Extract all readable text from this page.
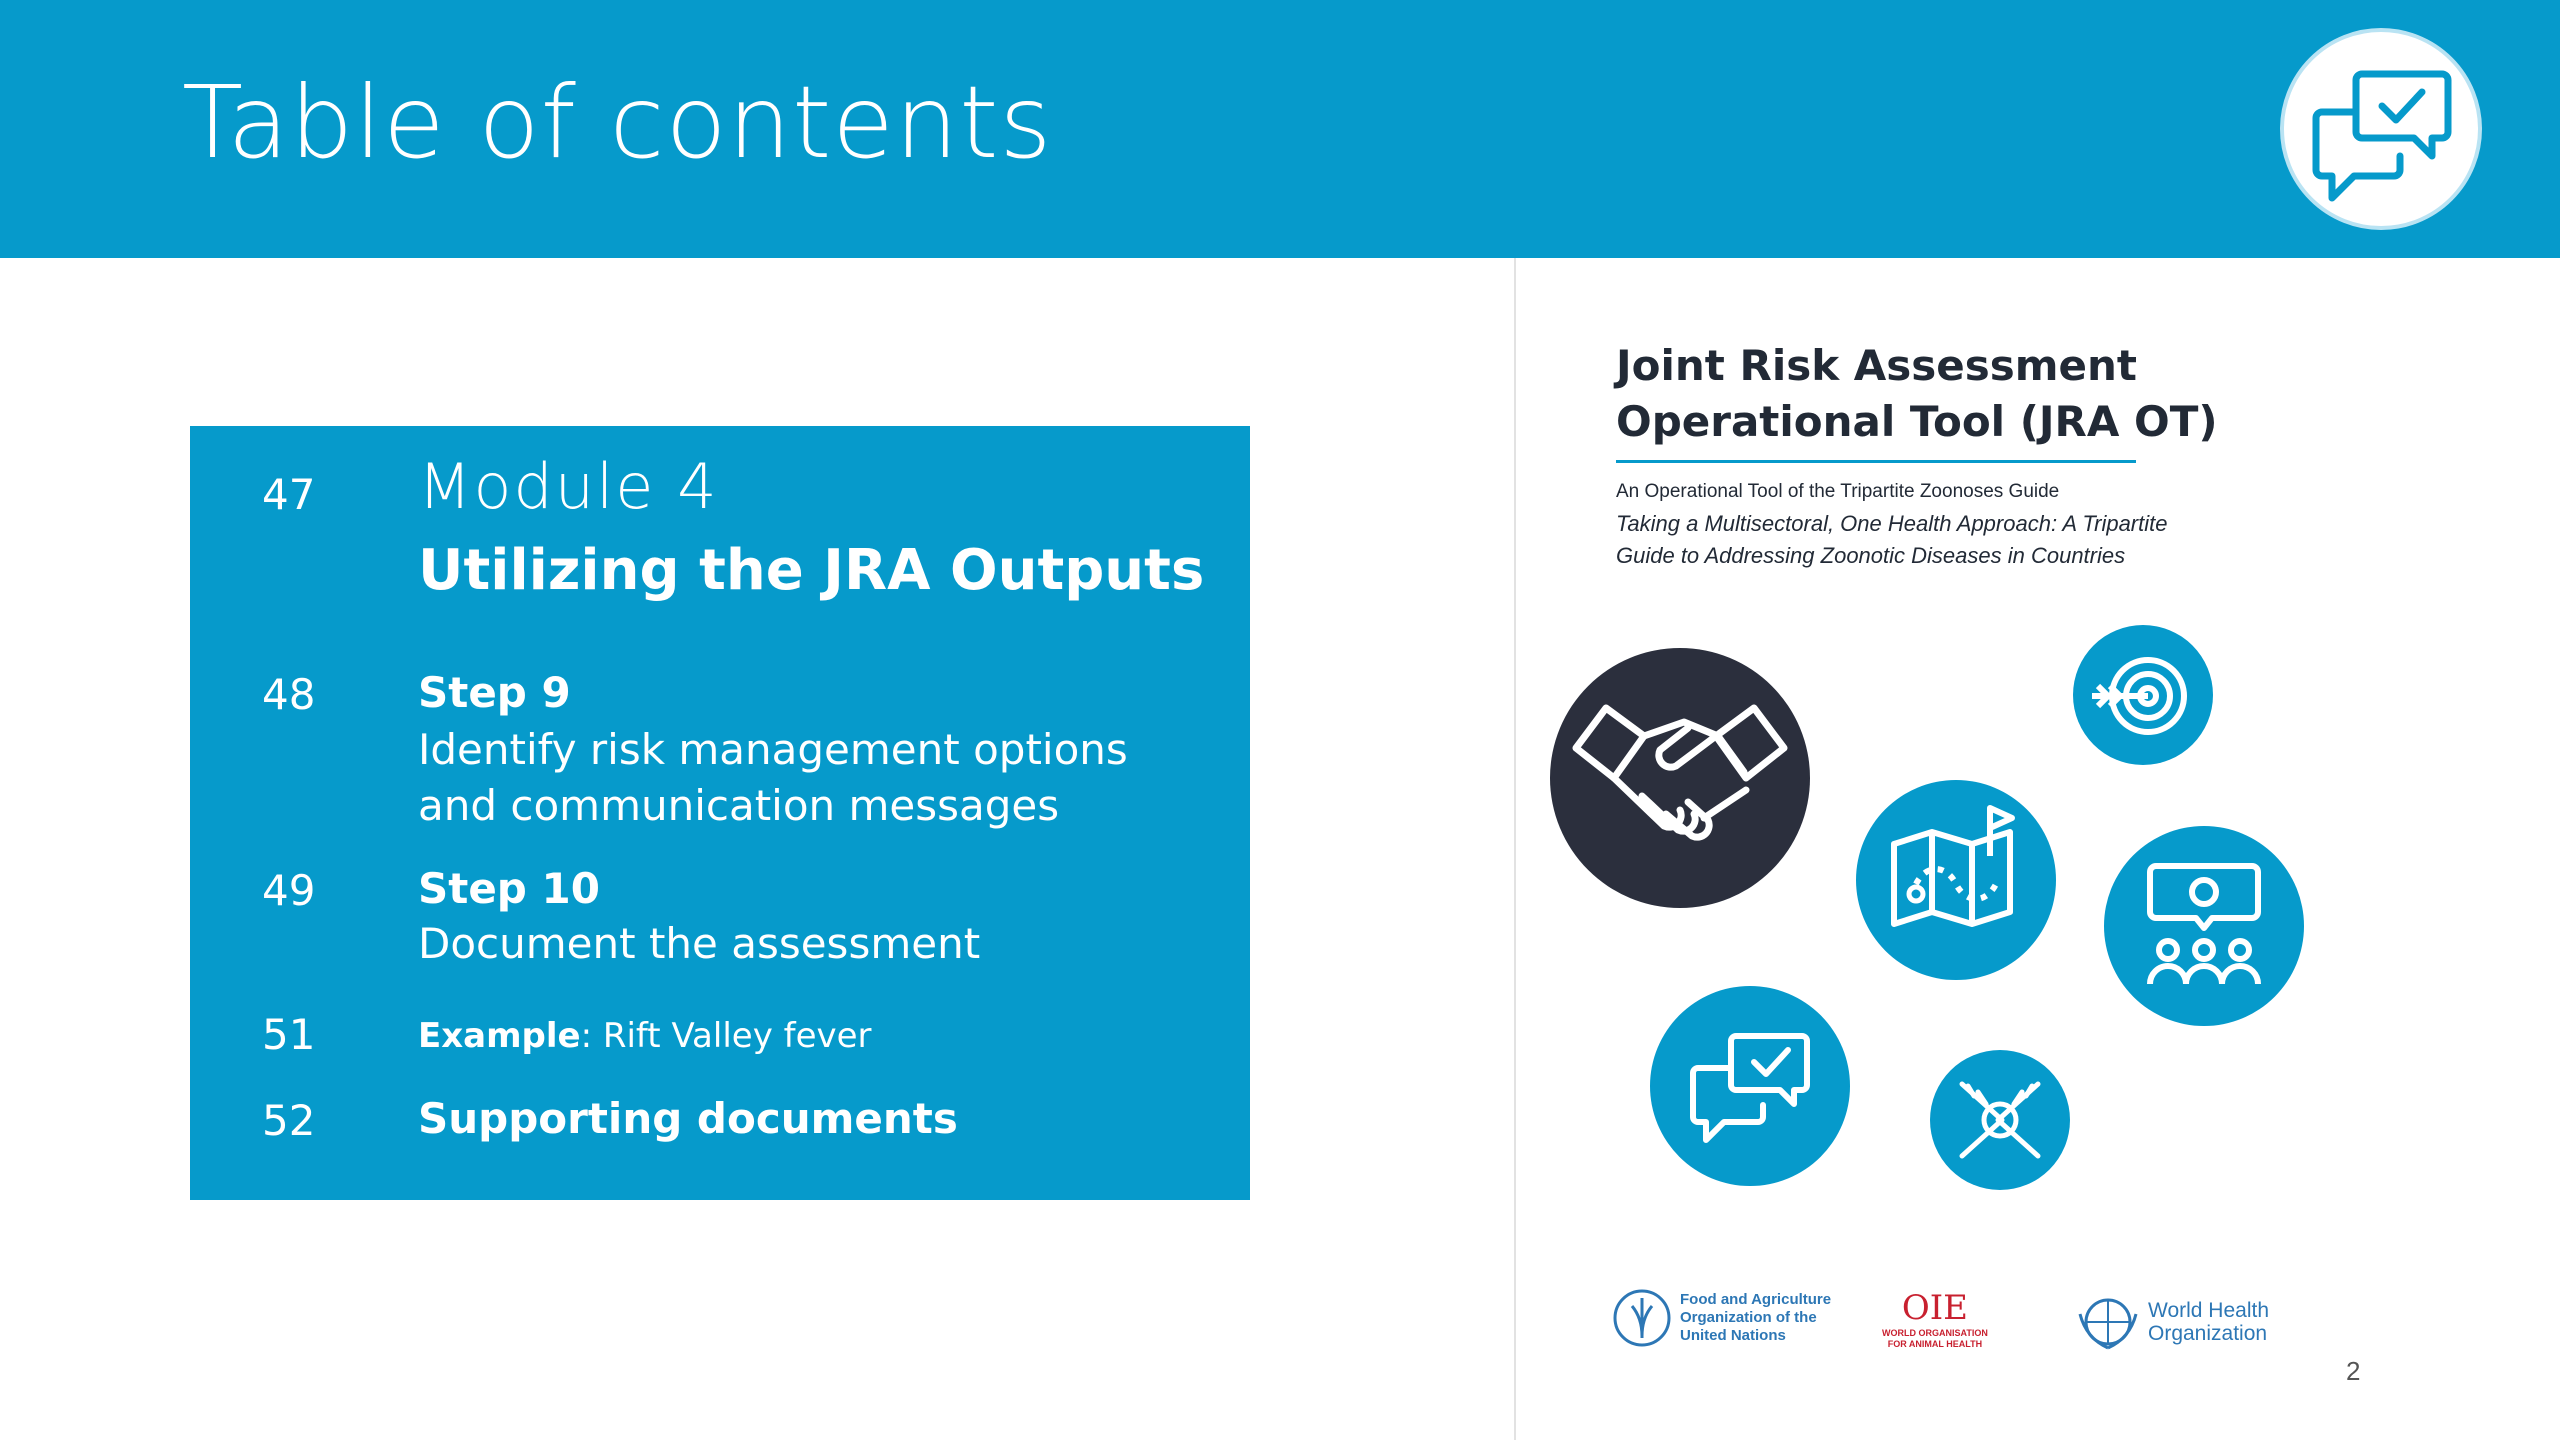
Table of contents
47 Module 4
Utilizing the JRA Outputs
48 Step 9
Identify risk management options
and communication messages
49 Step 10
Document the assessment
51	Example: Rift Valley fever
52 Supporting documents
Joint Risk Assessment
Operational Tool (JRA OT)
An Operational Tool of the Tripartite Zoonoses Guide
Taking a Multisectoral, One Health Approach: A Tripartite
Guide to Addressing Zoonotic Diseases in Countries
Food and Agriculture
Organization of the
United Nations
OIE
WORLD ORGANISATION
FOR ANIMAL HEALTH
World Health
Organization
2
